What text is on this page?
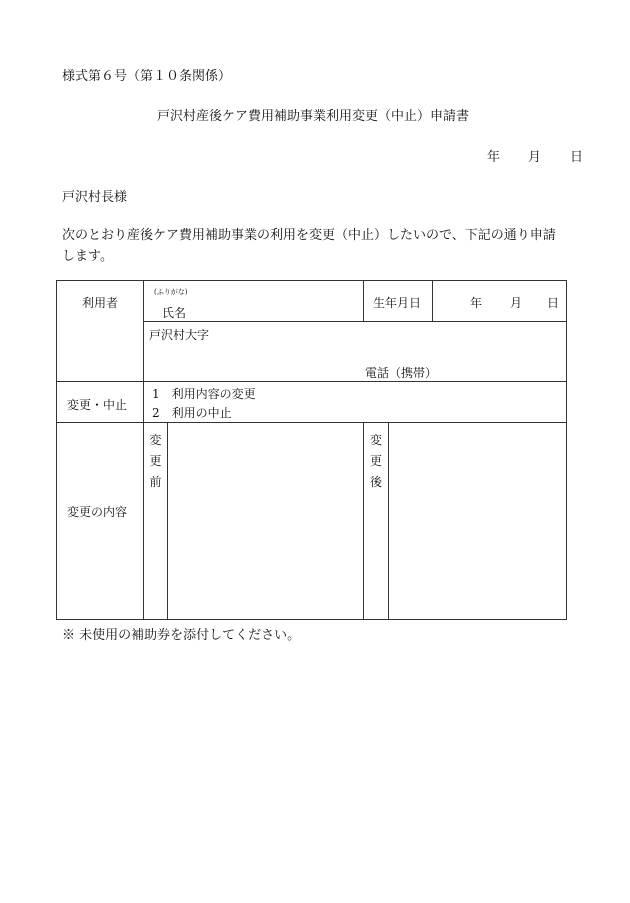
様式第６号（第１０条関係）
戸沢村産後ケア費用補助事業利用変更（中止）申請書
年 月 日
戸沢村長様
次のとおり産後ケア費用補助事業の利用を変更（中止）したいので、下記の通り申請
します。
利用者
(ふりがな)
氏名
生年月日	年 月 日
戸沢村大字
電話（携帯）
変更・中止
1　利用内容の変更
2　利用の中止
変更の内容
変
更
前
変
更
後
※ 未使用の補助券を添付してください。
